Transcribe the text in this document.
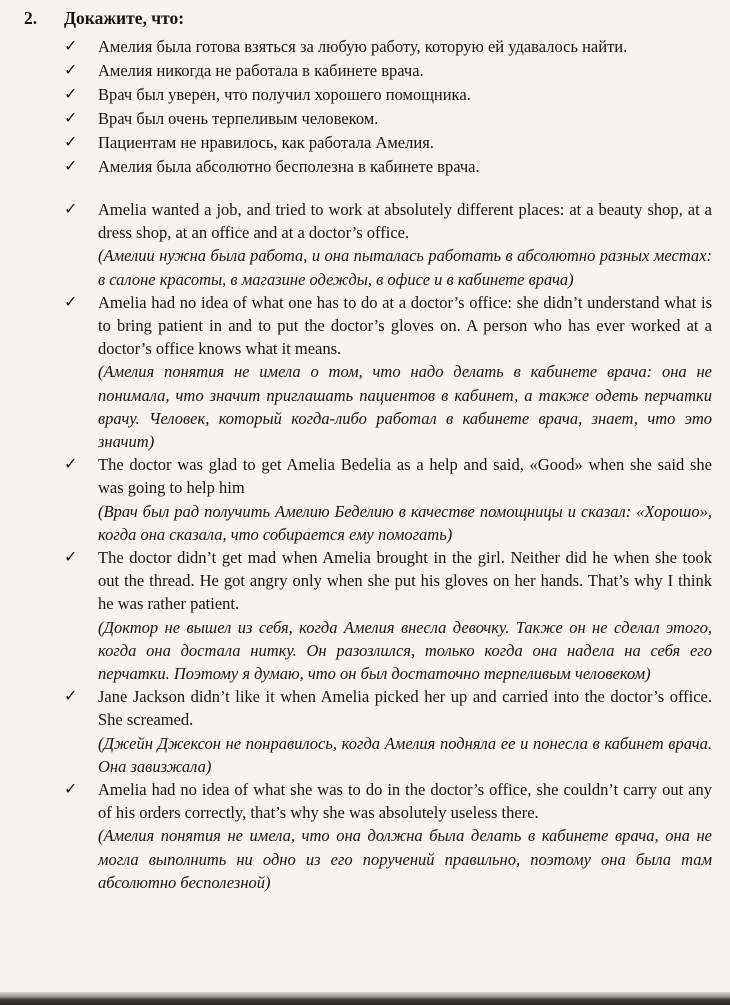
2.	Докажите, что:
✓	Амелия была готова взяться за любую работу, которую ей удавалось найти.
✓	Амелия никогда не работала в кабинете врача.
✓	Врач был уверен, что получил хорошего помощника.
✓	Врач был очень терпеливым человеком.
✓	Пациентам не нравилось, как работала Амелия.
✓	Амелия была абсолютно бесполезна в кабинете врача.
✓	Amelia wanted a job, and tried to work at absolutely different places: at a beauty shop, at a dress shop, at an office and at a doctor’s office.

(Амелии нужна была работа, и она пыталась работать в абсолютно разных местах: в салоне красоты, в магазине одежды, в офисе и в кабинете врача)

✓	Amelia had no idea of what one has to do at a doctor’s office: she didn’t understand what is to bring patient in and to put the doctor’s gloves on. A person who has ever worked at a doctor’s office knows what it means.

(Амелия понятия не имела о том, что надо делать в кабинете врача: она не понимала, что значит приглашать пациентов в кабинет, а также одеть перчатки врачу. Человек, который когда-либо работал в кабинете врача, знает, что это значит)

✓	The doctor was glad to get Amelia Bedelia as a help and said, «Good» when she said she was going to help him

(Врач был рад получить Амелию Беделию в качестве помощницы и сказал: «Хорошо», когда она сказала, что собирается ему помогать)

✓	The doctor didn’t get mad when Amelia brought in the girl. Neither did he when she took out the thread. He got angry only when she put his gloves on her hands. That’s why I think he was rather patient.

(Доктор не вышел из себя, когда Амелия внесла девочку. Также он не сделал этого, когда она достала нитку. Он разозлился, только когда она надела на себя его перчатки. Поэтому я думаю, что он был достаточно терпеливым человеком)

✓	Jane Jackson didn’t like it when Amelia picked her up and carried into the doctor’s office. She screamed.

(Джейн Джексон не понравилось, когда Амелия подняла ее и понесла в кабинет врача. Она завизжала)

✓	Amelia had no idea of what she was to do in the doctor’s office, she couldn’t carry out any of his orders correctly, that’s why she was absolutely useless there.

(Амелия понятия не имела, что она должна была делать в кабинете врача, она не могла выполнить ни одно из его поручений правильно, поэтому она была там абсолютно бесполезной)
